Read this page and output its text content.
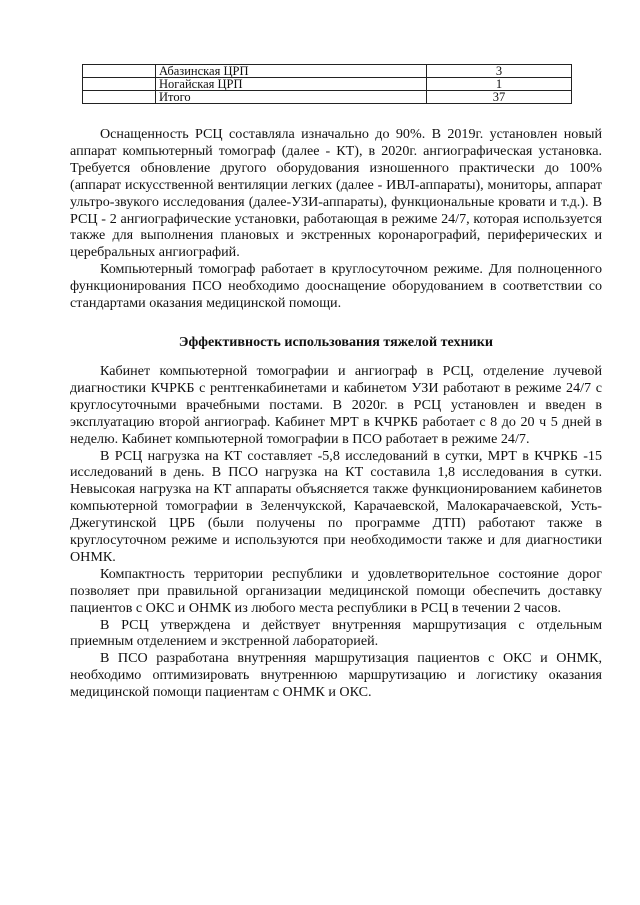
	Абазинская ЦРП	3
	Ногайская ЦРП	1
	Итого	37

Оснащенность РСЦ составляла изначально до 90%. В 2019г. установлен новый аппарат компьютерный томограф (далее - КТ), в 2020г. ангиографическая установка. Требуется обновление другого оборудования изношенного практически до 100% (аппарат искусственной вентиляции легких (далее - ИВЛ-аппараты), мониторы, аппарат ультро-звукого исследования (далее-УЗИ-аппараты), функциональные кровати и т.д.). В РСЦ - 2 ангиографические установки, работающая в режиме 24/7, которая используется также для выполнения плановых и экстренных коронарографий, периферических и церебральных ангиографий.

Компьютерный томограф работает в круглосуточном режиме. Для полноценного функционирования ПСО необходимо дооснащение оборудованием в соответствии со стандартами оказания медицинской помощи.

Эффективность использования тяжелой техники

Кабинет компьютерной томографии и ангиограф в РСЦ, отделение лучевой диагностики КЧРКБ с рентгенкабинетами и кабинетом УЗИ работают в режиме 24/7 с круглосуточными врачебными постами. В 2020г. в РСЦ установлен и введен в эксплуатацию второй ангиограф. Кабинет МРТ в КЧРКБ работает с 8 до 20 ч 5 дней в неделю. Кабинет компьютерной томографии в ПСО работает в режиме 24/7.

В РСЦ нагрузка на КТ составляет -5,8 исследований в сутки, МРТ в КЧРКБ -15 исследований в день. В ПСО нагрузка на КТ составила 1,8 исследования в сутки. Невысокая нагрузка на КТ аппараты объясняется также функционированием кабинетов компьютерной томографии в Зеленчукской, Карачаевской, Малокарачаевской, Усть-Джегутинской ЦРБ (были получены по программе ДТП) работают также в круглосуточном режиме и используются при необходимости также и для диагностики ОНМК.

Компактность территории республики и удовлетворительное состояние дорог позволяет при правильной организации медицинской помощи обеспечить доставку пациентов с ОКС и ОНМК из любого места республики в РСЦ в течении 2 часов.

В РСЦ утверждена и действует внутренняя маршрутизация с отдельным приемным отделением и экстренной лабораторией.

В ПСО разработана внутренняя маршрутизация пациентов с ОКС и ОНМК, необходимо оптимизировать внутреннюю маршрутизацию и логистику оказания медицинской помощи пациентам с ОНМК и ОКС.
